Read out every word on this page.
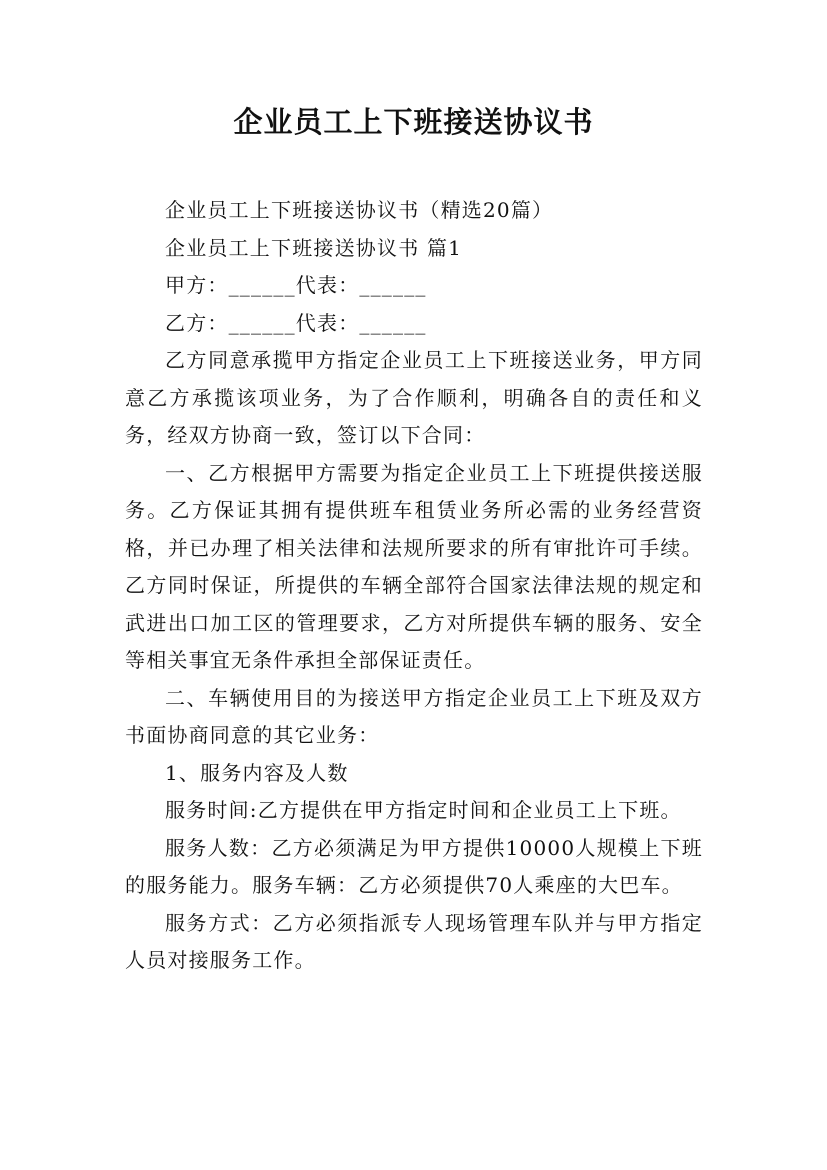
企业员工上下班接送协议书

企业员工上下班接送协议书（精选20篇）

企业员工上下班接送协议书 篇1

甲方：______代表：______

乙方：______代表：______

乙方同意承揽甲方指定企业员工上下班接送业务，甲方同意乙方承揽该项业务，为了合作顺利，明确各自的责任和义务，经双方协商一致，签订以下合同：

一、乙方根据甲方需要为指定企业员工上下班提供接送服务。乙方保证其拥有提供班车租赁业务所必需的业务经营资格，并已办理了相关法律和法规所要求的所有审批许可手续。乙方同时保证，所提供的车辆全部符合国家法律法规的规定和武进出口加工区的管理要求，乙方对所提供车辆的服务、安全等相关事宜无条件承担全部保证责任。

二、车辆使用目的为接送甲方指定企业员工上下班及双方书面协商同意的其它业务：

1、服务内容及人数

服务时间:乙方提供在甲方指定时间和企业员工上下班。

服务人数：乙方必须满足为甲方提供10000人规模上下班的服务能力。服务车辆：乙方必须提供70人乘座的大巴车。

服务方式：乙方必须指派专人现场管理车队并与甲方指定人员对接服务工作。
